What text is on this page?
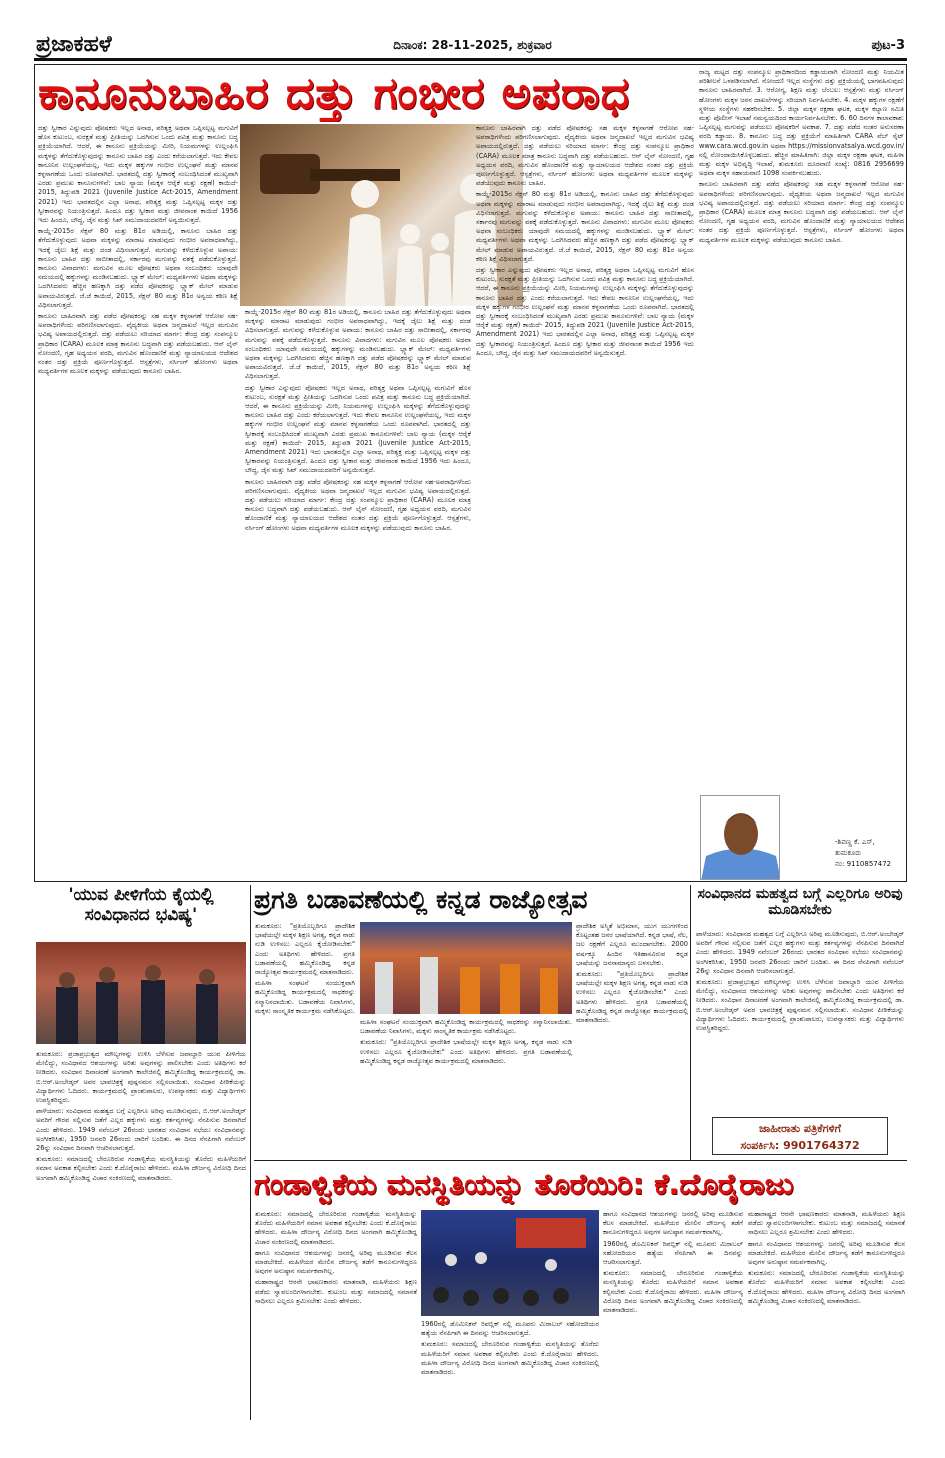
ಪ್ರಜಾಕಹಳೆ	ದಿನಾಂಕ: 28-11-2025, ಶುಕ್ರವಾರ	ಪುಟ-3
ಕಾನೂನುಬಾಹಿರ ದತ್ತು ಗಂಭೀರ ಅಪರಾಧ

ದತ್ತು ಸ್ವೀಕಾರ ಎನ್ನುವುದು ಪೋಷಕರು ಇಲ್ಲದ ಅನಾಥ, ಪರಿತ್ಯಕ್ತ ಅಥವಾ ಒಪ್ಪಿಸಲ್ಪಟ್ಟ ಮಗುವಿಗೆ ಹೊಸ ಕುಟುಂಬ, ಸುರಕ್ಷತೆ ಮತ್ತು ಪ್ರೀತಿಯನ್ನು ಒದಗಿಸುವ ಒಂದು ಪವಿತ್ರ ಮತ್ತು ಕಾನೂನು ಬದ್ಧ ಪ್ರಕ್ರಿಯೆಯಾಗಿದೆ. ಆದರೆ, ಈ ಕಾನೂನು ಪ್ರಕ್ರಿಯೆಯನ್ನು ಮೀರಿ, ನಿಯಮಗಳನ್ನು ಉಲ್ಲಂಘಿಸಿ ಮಕ್ಕಳನ್ನು ತೆಗೆದುಕೊಳ್ಳುವುದನ್ನು ಕಾನೂನು ಬಾಹಿರ ದತ್ತು ಎಂದು ಕರೆಯಲಾಗುತ್ತದೆ. ಇದು ಕೇವಲ ಕಾನೂನಿನ ಉಲ್ಲಂಘನೆಯಲ್ಲ, ಇದು ಮಕ್ಕಳ ಹಕ್ಕುಗಳ ಗಂಭೀರ ಉಲ್ಲಂಘನೆ ಮತ್ತು ಮಾನವ ಕಳ್ಳಸಾಗಣೆಯ ಒಂದು ರೂಪವಾಗಿದೆ. ಭಾರತದಲ್ಲಿ ದತ್ತು ಸ್ವೀಕಾರಕ್ಕೆ ಸಂಬಂಧಿಸಿದಂತೆ ಮುಖ್ಯವಾಗಿ ಎರಡು ಪ್ರಮುಖ ಕಾನೂನುಗಳಿವೆ: ಬಾಲ ನ್ಯಾಯ (ಮಕ್ಕಳ ಆರೈಕೆ ಮತ್ತು ರಕ್ಷಣೆ) ಕಾಯಿದೆ- 2015, ತಿದ್ದುಪಡಿ 2021 (Juvenile Justice Act-2015, Amendment 2021) ಇದು ಭಾರತದಲ್ಲಿನ ಎಲ್ಲಾ ಅನಾಥ, ಪರಿತ್ಯಕ್ತ ಮತ್ತು ಒಪ್ಪಿಸಲ್ಪಟ್ಟ ಮಕ್ಕಳ ದತ್ತು ಸ್ವೀಕಾರವನ್ನು ನಿಯಂತ್ರಿಸುತ್ತದೆ. ಹಿಂದೂ ದತ್ತು ಸ್ವೀಕಾರ ಮತ್ತು ಜೀವನಾಂಶ ಕಾಯಿದೆ 1956 ಇದು ಹಿಂದೂ, ಬೌದ್ಧ, ಜೈನ ಮತ್ತು ಸಿಖ್ ಸಮುದಾಯದವರಿಗೆ ಅನ್ವಯಿಸುತ್ತದೆ.

ಕಾಯ್ದೆ-2015ರ ಸೆಕ್ಷನ್ 80 ಮತ್ತು 81ರ ಅಡಿಯಲ್ಲಿ, ಕಾನೂನು ಬಾಹಿರ ದತ್ತು ತೆಗೆದುಕೊಳ್ಳುವುದು ಅಥವಾ ಮಕ್ಕಳನ್ನು ಮಾರಾಟ ಮಾಡುವುದು ಗಂಭೀರ ಅಪರಾಧವಾಗಿದ್ದು, ಇದಕ್ಕೆ ಜೈಲು ಶಿಕ್ಷೆ ಮತ್ತು ದಂಡ ವಿಧಿಸಲಾಗುತ್ತದೆ. ಮಗುವನ್ನು ಕಳೆದುಕೊಳ್ಳುವ ಅಪಾಯ: ಕಾನೂನು ಬಾಹಿರ ದತ್ತು ಸಾಬೀತಾದಲ್ಲಿ, ಸರ್ಕಾರವು ಮಗುವನ್ನು ವಶಕ್ಕೆ ಪಡೆದುಕೊಳ್ಳುತ್ತದೆ. ಕಾನೂನು ವಿವಾದಗಳು: ಮಗುವಿನ ಮೂಲ ಪೋಷಕರು ಅಥವಾ ಸಂಬಂಧಿಕರು ಯಾವುದೇ ಸಮಯದಲ್ಲಿ ಹಕ್ಕುಗಳನ್ನು ಮಂಡಿಸಬಹುದು. ಬ್ಲ್ಯಾಕ್ ಮೇಲ್: ಮಧ್ಯವರ್ತಿಗಳು ಅಥವಾ ಮಕ್ಕಳನ್ನು ಒದಗಿಸಿದವರು ಹೆಚ್ಚಿನ ಹಣಕ್ಕಾಗಿ ದತ್ತು ಪಡೆದ ಪೋಷಕರನ್ನು ಬ್ಲ್ಯಾಕ್ ಮೇಲ್ ಮಾಡುವ ಅಪಾಯವಿರುತ್ತದೆ. ಜೆ.ಜೆ ಕಾಯಿದೆ, 2015, ಸೆಕ್ಷನ್ 80 ಮತ್ತು 81ರ ಅನ್ವಯ ಕಠಿಣ ಶಿಕ್ಷೆ ವಿಧಿಸಲಾಗುತ್ತದೆ.

ಕಾನೂನು ಬಾಹಿರವಾಗಿ ದತ್ತು ಪಡೆದ ಪೋಷಕರನ್ನು ಸಹ ಮಕ್ಕಳ ಕಳ್ಳಸಾಗಣೆ ಆರೋಪ ಸಹ-ಅಪರಾಧಿಗಳೆಂದು ಪರಿಗಣಿಸಲಾಗುವುದು. ವೈದ್ಯಕೀಯ ಅಥವಾ ಜನ್ಮದಾಖಲೆ ಇಲ್ಲದ ಮಗುವಿನ ಭವಿಷ್ಯ ಅಪಾಯದಲ್ಲಿರುತ್ತದೆ. ದತ್ತು ಪಡೆಯಲು ಸರಿಯಾದ ಮಾರ್ಗ: ಕೇಂದ್ರ ದತ್ತು ಸಂಪನ್ಮೂಲ ಪ್ರಾಧಿಕಾರ (CARA) ಮೂಲಕ ಮಾತ್ರ ಕಾನೂನು ಬದ್ಧವಾಗಿ ದತ್ತು ಪಡೆಯಬಹುದು. ಆನ್ ಲೈನ್ ನೋಂದಣಿ, ಗೃಹ ಅಧ್ಯಯನ ವರದಿ, ಮಗುವಿನ ಹೊಂದಾಣಿಕೆ ಮತ್ತು ನ್ಯಾಯಾಲಯದ ಆದೇಶದ ನಂತರ ದತ್ತು ಪ್ರಕ್ರಿಯೆ ಪೂರ್ಣಗೊಳ್ಳುತ್ತದೆ. ಆಸ್ಪತ್ರೆಗಳು, ನರ್ಸಿಂಗ್ ಹೋಂಗಳು ಅಥವಾ ಮಧ್ಯವರ್ತಿಗಳ ಮೂಲಕ ಮಕ್ಕಳನ್ನು ಪಡೆಯುವುದು ಕಾನೂನು ಬಾಹಿರ.

ಕಾಯ್ದೆ-2015ರ ಸೆಕ್ಷನ್ 80 ಮತ್ತು 81ರ ಅಡಿಯಲ್ಲಿ, ಕಾನೂನು ಬಾಹಿರ ದತ್ತು ತೆಗೆದುಕೊಳ್ಳುವುದು ಅಥವಾ ಮಕ್ಕಳನ್ನು ಮಾರಾಟ ಮಾಡುವುದು ಗಂಭೀರ ಅಪರಾಧವಾಗಿದ್ದು, ಇದಕ್ಕೆ ಜೈಲು ಶಿಕ್ಷೆ ಮತ್ತು ದಂಡ ವಿಧಿಸಲಾಗುತ್ತದೆ. ಮಗುವನ್ನು ಕಳೆದುಕೊಳ್ಳುವ ಅಪಾಯ: ಕಾನೂನು ಬಾಹಿರ ದತ್ತು ಸಾಬೀತಾದಲ್ಲಿ, ಸರ್ಕಾರವು ಮಗುವನ್ನು ವಶಕ್ಕೆ ಪಡೆದುಕೊಳ್ಳುತ್ತದೆ. ಕಾನೂನು ವಿವಾದಗಳು: ಮಗುವಿನ ಮೂಲ ಪೋಷಕರು ಅಥವಾ ಸಂಬಂಧಿಕರು ಯಾವುದೇ ಸಮಯದಲ್ಲಿ ಹಕ್ಕುಗಳನ್ನು ಮಂಡಿಸಬಹುದು. ಬ್ಲ್ಯಾಕ್ ಮೇಲ್: ಮಧ್ಯವರ್ತಿಗಳು ಅಥವಾ ಮಕ್ಕಳನ್ನು ಒದಗಿಸಿದವರು ಹೆಚ್ಚಿನ ಹಣಕ್ಕಾಗಿ ದತ್ತು ಪಡೆದ ಪೋಷಕರನ್ನು ಬ್ಲ್ಯಾಕ್ ಮೇಲ್ ಮಾಡುವ ಅಪಾಯವಿರುತ್ತದೆ. ಜೆ.ಜೆ ಕಾಯಿದೆ, 2015, ಸೆಕ್ಷನ್ 80 ಮತ್ತು 81ರ ಅನ್ವಯ ಕಠಿಣ ಶಿಕ್ಷೆ ವಿಧಿಸಲಾಗುತ್ತದೆ.

ದತ್ತು ಸ್ವೀಕಾರ ಎನ್ನುವುದು ಪೋಷಕರು ಇಲ್ಲದ ಅನಾಥ, ಪರಿತ್ಯಕ್ತ ಅಥವಾ ಒಪ್ಪಿಸಲ್ಪಟ್ಟ ಮಗುವಿಗೆ ಹೊಸ ಕುಟುಂಬ, ಸುರಕ್ಷತೆ ಮತ್ತು ಪ್ರೀತಿಯನ್ನು ಒದಗಿಸುವ ಒಂದು ಪವಿತ್ರ ಮತ್ತು ಕಾನೂನು ಬದ್ಧ ಪ್ರಕ್ರಿಯೆಯಾಗಿದೆ. ಆದರೆ, ಈ ಕಾನೂನು ಪ್ರಕ್ರಿಯೆಯನ್ನು ಮೀರಿ, ನಿಯಮಗಳನ್ನು ಉಲ್ಲಂಘಿಸಿ ಮಕ್ಕಳನ್ನು ತೆಗೆದುಕೊಳ್ಳುವುದನ್ನು ಕಾನೂನು ಬಾಹಿರ ದತ್ತು ಎಂದು ಕರೆಯಲಾಗುತ್ತದೆ. ಇದು ಕೇವಲ ಕಾನೂನಿನ ಉಲ್ಲಂಘನೆಯಲ್ಲ, ಇದು ಮಕ್ಕಳ ಹಕ್ಕುಗಳ ಗಂಭೀರ ಉಲ್ಲಂಘನೆ ಮತ್ತು ಮಾನವ ಕಳ್ಳಸಾಗಣೆಯ ಒಂದು ರೂಪವಾಗಿದೆ. ಭಾರತದಲ್ಲಿ ದತ್ತು ಸ್ವೀಕಾರಕ್ಕೆ ಸಂಬಂಧಿಸಿದಂತೆ ಮುಖ್ಯವಾಗಿ ಎರಡು ಪ್ರಮುಖ ಕಾನೂನುಗಳಿವೆ: ಬಾಲ ನ್ಯಾಯ (ಮಕ್ಕಳ ಆರೈಕೆ ಮತ್ತು ರಕ್ಷಣೆ) ಕಾಯಿದೆ- 2015, ತಿದ್ದುಪಡಿ 2021 (Juvenile Justice Act-2015, Amendment 2021) ಇದು ಭಾರತದಲ್ಲಿನ ಎಲ್ಲಾ ಅನಾಥ, ಪರಿತ್ಯಕ್ತ ಮತ್ತು ಒಪ್ಪಿಸಲ್ಪಟ್ಟ ಮಕ್ಕಳ ದತ್ತು ಸ್ವೀಕಾರವನ್ನು ನಿಯಂತ್ರಿಸುತ್ತದೆ. ಹಿಂದೂ ದತ್ತು ಸ್ವೀಕಾರ ಮತ್ತು ಜೀವನಾಂಶ ಕಾಯಿದೆ 1956 ಇದು ಹಿಂದೂ, ಬೌದ್ಧ, ಜೈನ ಮತ್ತು ಸಿಖ್ ಸಮುದಾಯದವರಿಗೆ ಅನ್ವಯಿಸುತ್ತದೆ.

ಕಾನೂನು ಬಾಹಿರವಾಗಿ ದತ್ತು ಪಡೆದ ಪೋಷಕರನ್ನು ಸಹ ಮಕ್ಕಳ ಕಳ್ಳಸಾಗಣೆ ಆರೋಪ ಸಹ-ಅಪರಾಧಿಗಳೆಂದು ಪರಿಗಣಿಸಲಾಗುವುದು. ವೈದ್ಯಕೀಯ ಅಥವಾ ಜನ್ಮದಾಖಲೆ ಇಲ್ಲದ ಮಗುವಿನ ಭವಿಷ್ಯ ಅಪಾಯದಲ್ಲಿರುತ್ತದೆ. ದತ್ತು ಪಡೆಯಲು ಸರಿಯಾದ ಮಾರ್ಗ: ಕೇಂದ್ರ ದತ್ತು ಸಂಪನ್ಮೂಲ ಪ್ರಾಧಿಕಾರ (CARA) ಮೂಲಕ ಮಾತ್ರ ಕಾನೂನು ಬದ್ಧವಾಗಿ ದತ್ತು ಪಡೆಯಬಹುದು. ಆನ್ ಲೈನ್ ನೋಂದಣಿ, ಗೃಹ ಅಧ್ಯಯನ ವರದಿ, ಮಗುವಿನ ಹೊಂದಾಣಿಕೆ ಮತ್ತು ನ್ಯಾಯಾಲಯದ ಆದೇಶದ ನಂತರ ದತ್ತು ಪ್ರಕ್ರಿಯೆ ಪೂರ್ಣಗೊಳ್ಳುತ್ತದೆ. ಆಸ್ಪತ್ರೆಗಳು, ನರ್ಸಿಂಗ್ ಹೋಂಗಳು ಅಥವಾ ಮಧ್ಯವರ್ತಿಗಳ ಮೂಲಕ ಮಕ್ಕಳನ್ನು ಪಡೆಯುವುದು ಕಾನೂನು ಬಾಹಿರ.

ಕಾನೂನು ಬಾಹಿರವಾಗಿ ದತ್ತು ಪಡೆದ ಪೋಷಕರನ್ನು ಸಹ ಮಕ್ಕಳ ಕಳ್ಳಸಾಗಣೆ ಆರೋಪ ಸಹ-ಅಪರಾಧಿಗಳೆಂದು ಪರಿಗಣಿಸಲಾಗುವುದು. ವೈದ್ಯಕೀಯ ಅಥವಾ ಜನ್ಮದಾಖಲೆ ಇಲ್ಲದ ಮಗುವಿನ ಭವಿಷ್ಯ ಅಪಾಯದಲ್ಲಿರುತ್ತದೆ. ದತ್ತು ಪಡೆಯಲು ಸರಿಯಾದ ಮಾರ್ಗ: ಕೇಂದ್ರ ದತ್ತು ಸಂಪನ್ಮೂಲ ಪ್ರಾಧಿಕಾರ (CARA) ಮೂಲಕ ಮಾತ್ರ ಕಾನೂನು ಬದ್ಧವಾಗಿ ದತ್ತು ಪಡೆಯಬಹುದು. ಆನ್ ಲೈನ್ ನೋಂದಣಿ, ಗೃಹ ಅಧ್ಯಯನ ವರದಿ, ಮಗುವಿನ ಹೊಂದಾಣಿಕೆ ಮತ್ತು ನ್ಯಾಯಾಲಯದ ಆದೇಶದ ನಂತರ ದತ್ತು ಪ್ರಕ್ರಿಯೆ ಪೂರ್ಣಗೊಳ್ಳುತ್ತದೆ. ಆಸ್ಪತ್ರೆಗಳು, ನರ್ಸಿಂಗ್ ಹೋಂಗಳು ಅಥವಾ ಮಧ್ಯವರ್ತಿಗಳ ಮೂಲಕ ಮಕ್ಕಳನ್ನು ಪಡೆಯುವುದು ಕಾನೂನು ಬಾಹಿರ.

ಕಾಯ್ದೆ-2015ರ ಸೆಕ್ಷನ್ 80 ಮತ್ತು 81ರ ಅಡಿಯಲ್ಲಿ, ಕಾನೂನು ಬಾಹಿರ ದತ್ತು ತೆಗೆದುಕೊಳ್ಳುವುದು ಅಥವಾ ಮಕ್ಕಳನ್ನು ಮಾರಾಟ ಮಾಡುವುದು ಗಂಭೀರ ಅಪರಾಧವಾಗಿದ್ದು, ಇದಕ್ಕೆ ಜೈಲು ಶಿಕ್ಷೆ ಮತ್ತು ದಂಡ ವಿಧಿಸಲಾಗುತ್ತದೆ. ಮಗುವನ್ನು ಕಳೆದುಕೊಳ್ಳುವ ಅಪಾಯ: ಕಾನೂನು ಬಾಹಿರ ದತ್ತು ಸಾಬೀತಾದಲ್ಲಿ, ಸರ್ಕಾರವು ಮಗುವನ್ನು ವಶಕ್ಕೆ ಪಡೆದುಕೊಳ್ಳುತ್ತದೆ. ಕಾನೂನು ವಿವಾದಗಳು: ಮಗುವಿನ ಮೂಲ ಪೋಷಕರು ಅಥವಾ ಸಂಬಂಧಿಕರು ಯಾವುದೇ ಸಮಯದಲ್ಲಿ ಹಕ್ಕುಗಳನ್ನು ಮಂಡಿಸಬಹುದು. ಬ್ಲ್ಯಾಕ್ ಮೇಲ್: ಮಧ್ಯವರ್ತಿಗಳು ಅಥವಾ ಮಕ್ಕಳನ್ನು ಒದಗಿಸಿದವರು ಹೆಚ್ಚಿನ ಹಣಕ್ಕಾಗಿ ದತ್ತು ಪಡೆದ ಪೋಷಕರನ್ನು ಬ್ಲ್ಯಾಕ್ ಮೇಲ್ ಮಾಡುವ ಅಪಾಯವಿರುತ್ತದೆ. ಜೆ.ಜೆ ಕಾಯಿದೆ, 2015, ಸೆಕ್ಷನ್ 80 ಮತ್ತು 81ರ ಅನ್ವಯ ಕಠಿಣ ಶಿಕ್ಷೆ ವಿಧಿಸಲಾಗುತ್ತದೆ.

ದತ್ತು ಸ್ವೀಕಾರ ಎನ್ನುವುದು ಪೋಷಕರು ಇಲ್ಲದ ಅನಾಥ, ಪರಿತ್ಯಕ್ತ ಅಥವಾ ಒಪ್ಪಿಸಲ್ಪಟ್ಟ ಮಗುವಿಗೆ ಹೊಸ ಕುಟುಂಬ, ಸುರಕ್ಷತೆ ಮತ್ತು ಪ್ರೀತಿಯನ್ನು ಒದಗಿಸುವ ಒಂದು ಪವಿತ್ರ ಮತ್ತು ಕಾನೂನು ಬದ್ಧ ಪ್ರಕ್ರಿಯೆಯಾಗಿದೆ. ಆದರೆ, ಈ ಕಾನೂನು ಪ್ರಕ್ರಿಯೆಯನ್ನು ಮೀರಿ, ನಿಯಮಗಳನ್ನು ಉಲ್ಲಂಘಿಸಿ ಮಕ್ಕಳನ್ನು ತೆಗೆದುಕೊಳ್ಳುವುದನ್ನು ಕಾನೂನು ಬಾಹಿರ ದತ್ತು ಎಂದು ಕರೆಯಲಾಗುತ್ತದೆ. ಇದು ಕೇವಲ ಕಾನೂನಿನ ಉಲ್ಲಂಘನೆಯಲ್ಲ, ಇದು ಮಕ್ಕಳ ಹಕ್ಕುಗಳ ಗಂಭೀರ ಉಲ್ಲಂಘನೆ ಮತ್ತು ಮಾನವ ಕಳ್ಳಸಾಗಣೆಯ ಒಂದು ರೂಪವಾಗಿದೆ. ಭಾರತದಲ್ಲಿ ದತ್ತು ಸ್ವೀಕಾರಕ್ಕೆ ಸಂಬಂಧಿಸಿದಂತೆ ಮುಖ್ಯವಾಗಿ ಎರಡು ಪ್ರಮುಖ ಕಾನೂನುಗಳಿವೆ: ಬಾಲ ನ್ಯಾಯ (ಮಕ್ಕಳ ಆರೈಕೆ ಮತ್ತು ರಕ್ಷಣೆ) ಕಾಯಿದೆ- 2015, ತಿದ್ದುಪಡಿ 2021 (Juvenile Justice Act-2015, Amendment 2021) ಇದು ಭಾರತದಲ್ಲಿನ ಎಲ್ಲಾ ಅನಾಥ, ಪರಿತ್ಯಕ್ತ ಮತ್ತು ಒಪ್ಪಿಸಲ್ಪಟ್ಟ ಮಕ್ಕಳ ದತ್ತು ಸ್ವೀಕಾರವನ್ನು ನಿಯಂತ್ರಿಸುತ್ತದೆ. ಹಿಂದೂ ದತ್ತು ಸ್ವೀಕಾರ ಮತ್ತು ಜೀವನಾಂಶ ಕಾಯಿದೆ 1956 ಇದು ಹಿಂದೂ, ಬೌದ್ಧ, ಜೈನ ಮತ್ತು ಸಿಖ್ ಸಮುದಾಯದವರಿಗೆ ಅನ್ವಯಿಸುತ್ತದೆ.

ರಾಜ್ಯ ಮಟ್ಟದ ದತ್ತು ಸಂಪನ್ಮೂಲ ಪ್ರಾಧಿಕಾರದಿಂದ ಕಡ್ಡಾಯವಾಗಿ ನೋಂದಣಿ ಮತ್ತು ನಿಯಮಿತ ಪರಿಶೀಲನೆ ಒಳಪಡಿಸಲಾಗಿದೆ. ನೋಂದಣಿ ಇಲ್ಲದ ಸಂಸ್ಥೆಗಳು ದತ್ತು ಪ್ರಕ್ರಿಯೆಯಲ್ಲಿ ಭಾಗವಹಿಸುವುದು ಕಾನೂನು ಬಾಹಿರವಾಗಿದೆ. 3. ಆರೋಗ್ಯ, ಶಿಕ್ಷಣ ಮತ್ತು ಬೆಂಬಲ: ಆಸ್ಪತ್ರೆಗಳು ಮತ್ತು ನರ್ಸಿಂಗ್ ಹೋಂಗಳು ಮಕ್ಕಳ ಜನನ ದಾಖಲೆಗಳನ್ನು ಸರಿಯಾಗಿ ನಿರ್ವಹಿಸಬೇಕು. 4. ಮಕ್ಕಳ ಹಕ್ಕುಗಳ ರಕ್ಷಣೆಗೆ ಸ್ಥಳೀಯ ಸಂಸ್ಥೆಗಳು ಸಹಕರಿಸಬೇಕು. 5. ಜಿಲ್ಲಾ ಮಕ್ಕಳ ರಕ್ಷಣಾ ಘಟಕ, ಮಕ್ಕಳ ಕಲ್ಯಾಣ ಸಮಿತಿ ಮತ್ತು ಪೊಲೀಸ್ ಇಲಾಖೆ ಸಮನ್ವಯದಿಂದ ಕಾರ್ಯನಿರ್ವಹಿಸಬೇಕು. 6. 60 ದಿನಗಳ ಕಾಲಾವಕಾಶ: ಒಪ್ಪಿಸಲ್ಪಟ್ಟ ಮಗುವನ್ನು ಪಡೆಯಲು ಪೋಷಕರಿಗೆ ಅವಕಾಶ. 7. ದತ್ತು ಪಡೆದ ನಂತರ ಅನುಸರಣಾ ವರದಿ ಕಡ್ಡಾಯ. 8. ಕಾನೂನು ಬದ್ಧ ದತ್ತು ಪ್ರಕ್ರಿಯೆಗೆ ಮಾಹಿತಿಗಾಗಿ CARA ವೆಬ್ ಸೈಟ್ www.cara.wcd.gov.in ಅಥವಾ https://missionvatsalya.wcd.gov.in/ನಲ್ಲಿ ನೋಂದಾಯಿಸಿಕೊಳ್ಳಬಹುದು. ಹೆಚ್ಚಿನ ಮಾಹಿತಿಗಾಗಿ: ಜಿಲ್ಲಾ ಮಕ್ಕಳ ರಕ್ಷಣಾ ಘಟಕ, ಮಹಿಳಾ ಮತ್ತು ಮಕ್ಕಳ ಅಭಿವೃದ್ಧಿ ಇಲಾಖೆ, ತುಮಕೂರು ದೂರವಾಣಿ ಸಂಖ್ಯೆ: 0816 2956699 ಅಥವಾ ಮಕ್ಕಳ ಸಹಾಯವಾಣಿ 1098 ಸಂಪರ್ಕಿಸಬಹುದು.

ಕಾನೂನು ಬಾಹಿರವಾಗಿ ದತ್ತು ಪಡೆದ ಪೋಷಕರನ್ನು ಸಹ ಮಕ್ಕಳ ಕಳ್ಳಸಾಗಣೆ ಆರೋಪ ಸಹ-ಅಪರಾಧಿಗಳೆಂದು ಪರಿಗಣಿಸಲಾಗುವುದು. ವೈದ್ಯಕೀಯ ಅಥವಾ ಜನ್ಮದಾಖಲೆ ಇಲ್ಲದ ಮಗುವಿನ ಭವಿಷ್ಯ ಅಪಾಯದಲ್ಲಿರುತ್ತದೆ. ದತ್ತು ಪಡೆಯಲು ಸರಿಯಾದ ಮಾರ್ಗ: ಕೇಂದ್ರ ದತ್ತು ಸಂಪನ್ಮೂಲ ಪ್ರಾಧಿಕಾರ (CARA) ಮೂಲಕ ಮಾತ್ರ ಕಾನೂನು ಬದ್ಧವಾಗಿ ದತ್ತು ಪಡೆಯಬಹುದು. ಆನ್ ಲೈನ್ ನೋಂದಣಿ, ಗೃಹ ಅಧ್ಯಯನ ವರದಿ, ಮಗುವಿನ ಹೊಂದಾಣಿಕೆ ಮತ್ತು ನ್ಯಾಯಾಲಯದ ಆದೇಶದ ನಂತರ ದತ್ತು ಪ್ರಕ್ರಿಯೆ ಪೂರ್ಣಗೊಳ್ಳುತ್ತದೆ. ಆಸ್ಪತ್ರೆಗಳು, ನರ್ಸಿಂಗ್ ಹೋಂಗಳು ಅಥವಾ ಮಧ್ಯವರ್ತಿಗಳ ಮೂಲಕ ಮಕ್ಕಳನ್ನು ಪಡೆಯುವುದು ಕಾನೂನು ಬಾಹಿರ.

-ಶಿವಣ್ಣ ಕೆ. ಎಸ್,
ತುಮಕೂರು
ನಂ: 9110857472
'ಯುವ ಪೀಳಿಗೆಯ ಕೈಯಲ್ಲಿ ಸಂವಿಧಾನದ ಭವಿಷ್ಯ'

ತುಮಕೂರು: ಪ್ರಜಾಪ್ರಭುತ್ವದ ಮೌಲ್ಯಗಳನ್ನು ಉಳಿಸಿ ಬೆಳೆಸುವ ಜವಾಬ್ದಾರಿ ಯುವ ಪೀಳಿಗೆಯ ಮೇಲಿದ್ದು, ಸಂವಿಧಾನದ ಆಶಯಗಳನ್ನು ಅರಿತು ಅವುಗಳನ್ನು ಪಾಲಿಸಬೇಕು ಎಂದು ಅತಿಥಿಗಳು ಕರೆ ನೀಡಿದರು. ಸಂವಿಧಾನ ದಿನಾಚರಣೆ ಅಂಗವಾಗಿ ಕಾಲೇಜಿನಲ್ಲಿ ಹಮ್ಮಿಕೊಂಡಿದ್ದ ಕಾರ್ಯಕ್ರಮದಲ್ಲಿ ಡಾ. ಬಿ.ಆರ್.ಅಂಬೇಡ್ಕರ್ ಅವರ ಭಾವಚಿತ್ರಕ್ಕೆ ಪುಷ್ಪನಮನ ಸಲ್ಲಿಸಲಾಯಿತು. ಸಂವಿಧಾನ ಪೀಠಿಕೆಯನ್ನು ವಿದ್ಯಾರ್ಥಿಗಳು ಓದಿದರು. ಕಾರ್ಯಕ್ರಮದಲ್ಲಿ ಪ್ರಾಂಶುಪಾಲರು, ಉಪನ್ಯಾಸಕರು ಮತ್ತು ವಿದ್ಯಾರ್ಥಿಗಳು ಉಪಸ್ಥಿತರಿದ್ದರು.

ಪಾಳೆಯಾರು: ಸಂವಿಧಾನದ ಮಹತ್ವದ ಬಗ್ಗೆ ಎಲ್ಲರಿಗೂ ಅರಿವು ಮೂಡಿಸುವುದು, ಬಿ.ಆರ್.ಅಂಬೇಡ್ಕರ್ ಅವರಿಗೆ ಗೌರವ ಸಲ್ಲಿಸುವ ಜತೆಗೆ ಎಲ್ಲರ ಹಕ್ಕುಗಳು ಮತ್ತು ಕರ್ತವ್ಯಗಳನ್ನು ನೆನಪಿಸುವ ದಿನವಾಗಿದೆ ಎಂದು ಹೇಳಿದರು. 1949 ನವೆಂಬರ್ 26ರಂದು ಭಾರತದ ಸಂವಿಧಾನ ಸಭೆಯು ಸಂವಿಧಾನವನ್ನು ಅಂಗೀಕರಿಸಿತು, 1950 ಜನವರಿ 26ರಂದು ಜಾರಿಗೆ ಬಂದಿತು. ಈ ದಿನದ ನೆನಪಿಗಾಗಿ ನವೆಂಬರ್ 26ನ್ನು ಸಂವಿಧಾನ ದಿನವಾಗಿ ಆಚರಿಸಲಾಗುತ್ತದೆ.

ತುಮಕೂರು: ಸಮಾಜದಲ್ಲಿ ಬೇರೂರಿರುವ ಗಂಡಾಳ್ವಿಕೆಯ ಮನಸ್ಥಿತಿಯನ್ನು ತೊರೆದು ಮಹಿಳೆಯರಿಗೆ ಸಮಾನ ಅವಕಾಶ ಕಲ್ಪಿಸಬೇಕು ಎಂದು ಕೆ.ದೊರೈರಾಜು ಹೇಳಿದರು. ಮಹಿಳಾ ದೌರ್ಜನ್ಯ ವಿರೋಧಿ ದಿನದ ಅಂಗವಾಗಿ ಹಮ್ಮಿಕೊಂಡಿದ್ದ ವಿಚಾರ ಸಂಕಿರಣದಲ್ಲಿ ಮಾತನಾಡಿದರು.

ಪ್ರಗತಿ ಬಡಾವಣೆಯಲ್ಲಿ ಕನ್ನಡ ರಾಜ್ಯೋತ್ಸವ

ತುಮಕೂರು: "ಪ್ರತಿಯೊಬ್ಬರಿಗೂ ಪ್ರಾದೇಶಿಕ ಭಾಷೆಯಲ್ಲೇ ಮಕ್ಕಳ ಶಿಕ್ಷಣ ಅಗತ್ಯ, ಕನ್ನಡ ನಾಡು ನುಡಿ ಉಳಿಸಲು ಎಲ್ಲರೂ ಕೈಜೋಡಿಸಬೇಕು" ಎಂದು ಅತಿಥಿಗಳು ಹೇಳಿದರು. ಪ್ರಗತಿ ಬಡಾವಣೆಯಲ್ಲಿ ಹಮ್ಮಿಕೊಂಡಿದ್ದ ಕನ್ನಡ ರಾಜ್ಯೋತ್ಸವ ಕಾರ್ಯಕ್ರಮದಲ್ಲಿ ಮಾತನಾಡಿದರು.

ಮಹಿಳಾ ಸಂಘಟನೆ ಸಂಯುಕ್ತವಾಗಿ ಹಮ್ಮಿಕೊಂಡಿದ್ದ ಕಾರ್ಯಕ್ರಮದಲ್ಲಿ ಸಾಧಕರನ್ನು ಸನ್ಮಾನಿಸಲಾಯಿತು. ಬಡಾವಣೆಯ ನಿವಾಸಿಗಳು, ಮಕ್ಕಳು ಸಾಂಸ್ಕೃತಿಕ ಕಾರ್ಯಕ್ರಮ ನಡೆಸಿಕೊಟ್ಟರು.

ಮಹಿಳಾ ಸಂಘಟನೆ ಸಂಯುಕ್ತವಾಗಿ ಹಮ್ಮಿಕೊಂಡಿದ್ದ ಕಾರ್ಯಕ್ರಮದಲ್ಲಿ ಸಾಧಕರನ್ನು ಸನ್ಮಾನಿಸಲಾಯಿತು. ಬಡಾವಣೆಯ ನಿವಾಸಿಗಳು, ಮಕ್ಕಳು ಸಾಂಸ್ಕೃತಿಕ ಕಾರ್ಯಕ್ರಮ ನಡೆಸಿಕೊಟ್ಟರು.

ತುಮಕೂರು: "ಪ್ರತಿಯೊಬ್ಬರಿಗೂ ಪ್ರಾದೇಶಿಕ ಭಾಷೆಯಲ್ಲೇ ಮಕ್ಕಳ ಶಿಕ್ಷಣ ಅಗತ್ಯ, ಕನ್ನಡ ನಾಡು ನುಡಿ ಉಳಿಸಲು ಎಲ್ಲರೂ ಕೈಜೋಡಿಸಬೇಕು" ಎಂದು ಅತಿಥಿಗಳು ಹೇಳಿದರು. ಪ್ರಗತಿ ಬಡಾವಣೆಯಲ್ಲಿ ಹಮ್ಮಿಕೊಂಡಿದ್ದ ಕನ್ನಡ ರಾಜ್ಯೋತ್ಸವ ಕಾರ್ಯಕ್ರಮದಲ್ಲಿ ಮಾತನಾಡಿದರು.

ಪ್ರಾದೇಶಿಕ ಅಸ್ಮಿತೆ ಅಭಿಮಾನ, ಯುಗ ಯುಗಗಳಿಂದ ಕೊಟ್ಟಂತಹ ಜನರ ಭಾಷೆಯಾಗಿದೆ. ಕನ್ನಡ ಭಾಷೆ, ನೆಲ, ಜಲ ರಕ್ಷಣೆಗೆ ಎಲ್ಲರೂ ಮುಂದಾಗಬೇಕು. 2000 ವರ್ಷಕ್ಕೂ ಹಿಂದಿನ ಇತಿಹಾಸವಿರುವ ಕನ್ನಡ ಭಾಷೆಯನ್ನು ಜನಸಾಮಾನ್ಯರು ಬಳಸಬೇಕು.

ತುಮಕೂರು: "ಪ್ರತಿಯೊಬ್ಬರಿಗೂ ಪ್ರಾದೇಶಿಕ ಭಾಷೆಯಲ್ಲೇ ಮಕ್ಕಳ ಶಿಕ್ಷಣ ಅಗತ್ಯ, ಕನ್ನಡ ನಾಡು ನುಡಿ ಉಳಿಸಲು ಎಲ್ಲರೂ ಕೈಜೋಡಿಸಬೇಕು" ಎಂದು ಅತಿಥಿಗಳು ಹೇಳಿದರು. ಪ್ರಗತಿ ಬಡಾವಣೆಯಲ್ಲಿ ಹಮ್ಮಿಕೊಂಡಿದ್ದ ಕನ್ನಡ ರಾಜ್ಯೋತ್ಸವ ಕಾರ್ಯಕ್ರಮದಲ್ಲಿ ಮಾತನಾಡಿದರು.

ಸಂವಿಧಾನದ ಮಹತ್ವದ ಬಗ್ಗೆ ಎಲ್ಲರಿಗೂ ಅರಿವು ಮೂಡಿಸಬೇಕು

ಪಾಳೆಯಾರು: ಸಂವಿಧಾನದ ಮಹತ್ವದ ಬಗ್ಗೆ ಎಲ್ಲರಿಗೂ ಅರಿವು ಮೂಡಿಸುವುದು, ಬಿ.ಆರ್.ಅಂಬೇಡ್ಕರ್ ಅವರಿಗೆ ಗೌರವ ಸಲ್ಲಿಸುವ ಜತೆಗೆ ಎಲ್ಲರ ಹಕ್ಕುಗಳು ಮತ್ತು ಕರ್ತವ್ಯಗಳನ್ನು ನೆನಪಿಸುವ ದಿನವಾಗಿದೆ ಎಂದು ಹೇಳಿದರು. 1949 ನವೆಂಬರ್ 26ರಂದು ಭಾರತದ ಸಂವಿಧಾನ ಸಭೆಯು ಸಂವಿಧಾನವನ್ನು ಅಂಗೀಕರಿಸಿತು, 1950 ಜನವರಿ 26ರಂದು ಜಾರಿಗೆ ಬಂದಿತು. ಈ ದಿನದ ನೆನಪಿಗಾಗಿ ನವೆಂಬರ್ 26ನ್ನು ಸಂವಿಧಾನ ದಿನವಾಗಿ ಆಚರಿಸಲಾಗುತ್ತದೆ.

ತುಮಕೂರು: ಪ್ರಜಾಪ್ರಭುತ್ವದ ಮೌಲ್ಯಗಳನ್ನು ಉಳಿಸಿ ಬೆಳೆಸುವ ಜವಾಬ್ದಾರಿ ಯುವ ಪೀಳಿಗೆಯ ಮೇಲಿದ್ದು, ಸಂವಿಧಾನದ ಆಶಯಗಳನ್ನು ಅರಿತು ಅವುಗಳನ್ನು ಪಾಲಿಸಬೇಕು ಎಂದು ಅತಿಥಿಗಳು ಕರೆ ನೀಡಿದರು. ಸಂವಿಧಾನ ದಿನಾಚರಣೆ ಅಂಗವಾಗಿ ಕಾಲೇಜಿನಲ್ಲಿ ಹಮ್ಮಿಕೊಂಡಿದ್ದ ಕಾರ್ಯಕ್ರಮದಲ್ಲಿ ಡಾ. ಬಿ.ಆರ್.ಅಂಬೇಡ್ಕರ್ ಅವರ ಭಾವಚಿತ್ರಕ್ಕೆ ಪುಷ್ಪನಮನ ಸಲ್ಲಿಸಲಾಯಿತು. ಸಂವಿಧಾನ ಪೀಠಿಕೆಯನ್ನು ವಿದ್ಯಾರ್ಥಿಗಳು ಓದಿದರು. ಕಾರ್ಯಕ್ರಮದಲ್ಲಿ ಪ್ರಾಂಶುಪಾಲರು, ಉಪನ್ಯಾಸಕರು ಮತ್ತು ವಿದ್ಯಾರ್ಥಿಗಳು ಉಪಸ್ಥಿತರಿದ್ದರು.

ಜಾಹೀರಾತು ಪತ್ರಿಕೆಗಳಿಗೆ
ಸಂಪರ್ಕಿಸಿ: 9901764372
ಗಂಡಾಳ್ವಿಕೆಯ ಮನಸ್ಥಿತಿಯನ್ನು ತೊರೆಯಿರಿ: ಕೆ.ದೊರೈರಾಜು

ತುಮಕೂರು: ಸಮಾಜದಲ್ಲಿ ಬೇರೂರಿರುವ ಗಂಡಾಳ್ವಿಕೆಯ ಮನಸ್ಥಿತಿಯನ್ನು ತೊರೆದು ಮಹಿಳೆಯರಿಗೆ ಸಮಾನ ಅವಕಾಶ ಕಲ್ಪಿಸಬೇಕು ಎಂದು ಕೆ.ದೊರೈರಾಜು ಹೇಳಿದರು. ಮಹಿಳಾ ದೌರ್ಜನ್ಯ ವಿರೋಧಿ ದಿನದ ಅಂಗವಾಗಿ ಹಮ್ಮಿಕೊಂಡಿದ್ದ ವಿಚಾರ ಸಂಕಿರಣದಲ್ಲಿ ಮಾತನಾಡಿದರು.

ಹಾಗೂ ಸಂವಿಧಾನದ ಆಶಯಗಳನ್ನು ಜನರಲ್ಲಿ ಅರಿವು ಮೂಡಿಸುವ ಕೆಲಸ ಮಾಡಬೇಕಿದೆ. ಮಹಿಳೆಯರ ಮೇಲಿನ ದೌರ್ಜನ್ಯ ತಡೆಗೆ ಕಾನೂನುಗಳಿದ್ದರೂ ಅವುಗಳ ಅನುಷ್ಠಾನ ಸಮರ್ಪಕವಾಗಿಲ್ಲ.

ಮಹಾರಾಷ್ಟ್ರದ ಆರನೇ ಭಾಷಣಕಾರರು ಮಾತನಾಡಿ, ಮಹಿಳೆಯರು ಶಿಕ್ಷಣ ಪಡೆದು ಸ್ವಾವಲಂಬಿಗಳಾಗಬೇಕು. ಕುಟುಂಬ ಮತ್ತು ಸಮಾಜದಲ್ಲಿ ಸಮಾನತೆ ಸಾಧಿಸಲು ಎಲ್ಲರೂ ಶ್ರಮಿಸಬೇಕು ಎಂದು ಹೇಳಿದರು.

1960ರಲ್ಲಿ ಡೊಮಿನಿಕನ್ ರಿಪಬ್ಲಿಕ್ ನಲ್ಲಿ ಮೂವರು ಮಿರಾಬಲ್ ಸಹೋದರಿಯರ ಹತ್ಯೆಯ ನೆನಪಿಗಾಗಿ ಈ ದಿನವನ್ನು ಆಚರಿಸಲಾಗುತ್ತದೆ.

ತುಮಕೂರು: ಸಮಾಜದಲ್ಲಿ ಬೇರೂರಿರುವ ಗಂಡಾಳ್ವಿಕೆಯ ಮನಸ್ಥಿತಿಯನ್ನು ತೊರೆದು ಮಹಿಳೆಯರಿಗೆ ಸಮಾನ ಅವಕಾಶ ಕಲ್ಪಿಸಬೇಕು ಎಂದು ಕೆ.ದೊರೈರಾಜು ಹೇಳಿದರು. ಮಹಿಳಾ ದೌರ್ಜನ್ಯ ವಿರೋಧಿ ದಿನದ ಅಂಗವಾಗಿ ಹಮ್ಮಿಕೊಂಡಿದ್ದ ವಿಚಾರ ಸಂಕಿರಣದಲ್ಲಿ ಮಾತನಾಡಿದರು.

ಹಾಗೂ ಸಂವಿಧಾನದ ಆಶಯಗಳನ್ನು ಜನರಲ್ಲಿ ಅರಿವು ಮೂಡಿಸುವ ಕೆಲಸ ಮಾಡಬೇಕಿದೆ. ಮಹಿಳೆಯರ ಮೇಲಿನ ದೌರ್ಜನ್ಯ ತಡೆಗೆ ಕಾನೂನುಗಳಿದ್ದರೂ ಅವುಗಳ ಅನುಷ್ಠಾನ ಸಮರ್ಪಕವಾಗಿಲ್ಲ.

1960ರಲ್ಲಿ ಡೊಮಿನಿಕನ್ ರಿಪಬ್ಲಿಕ್ ನಲ್ಲಿ ಮೂವರು ಮಿರಾಬಲ್ ಸಹೋದರಿಯರ ಹತ್ಯೆಯ ನೆನಪಿಗಾಗಿ ಈ ದಿನವನ್ನು ಆಚರಿಸಲಾಗುತ್ತದೆ.

ತುಮಕೂರು: ಸಮಾಜದಲ್ಲಿ ಬೇರೂರಿರುವ ಗಂಡಾಳ್ವಿಕೆಯ ಮನಸ್ಥಿತಿಯನ್ನು ತೊರೆದು ಮಹಿಳೆಯರಿಗೆ ಸಮಾನ ಅವಕಾಶ ಕಲ್ಪಿಸಬೇಕು ಎಂದು ಕೆ.ದೊರೈರಾಜು ಹೇಳಿದರು. ಮಹಿಳಾ ದೌರ್ಜನ್ಯ ವಿರೋಧಿ ದಿನದ ಅಂಗವಾಗಿ ಹಮ್ಮಿಕೊಂಡಿದ್ದ ವಿಚಾರ ಸಂಕಿರಣದಲ್ಲಿ ಮಾತನಾಡಿದರು.

ಮಹಾರಾಷ್ಟ್ರದ ಆರನೇ ಭಾಷಣಕಾರರು ಮಾತನಾಡಿ, ಮಹಿಳೆಯರು ಶಿಕ್ಷಣ ಪಡೆದು ಸ್ವಾವಲಂಬಿಗಳಾಗಬೇಕು. ಕುಟುಂಬ ಮತ್ತು ಸಮಾಜದಲ್ಲಿ ಸಮಾನತೆ ಸಾಧಿಸಲು ಎಲ್ಲರೂ ಶ್ರಮಿಸಬೇಕು ಎಂದು ಹೇಳಿದರು.

ಹಾಗೂ ಸಂವಿಧಾನದ ಆಶಯಗಳನ್ನು ಜನರಲ್ಲಿ ಅರಿವು ಮೂಡಿಸುವ ಕೆಲಸ ಮಾಡಬೇಕಿದೆ. ಮಹಿಳೆಯರ ಮೇಲಿನ ದೌರ್ಜನ್ಯ ತಡೆಗೆ ಕಾನೂನುಗಳಿದ್ದರೂ ಅವುಗಳ ಅನುಷ್ಠಾನ ಸಮರ್ಪಕವಾಗಿಲ್ಲ.

ತುಮಕೂರು: ಸಮಾಜದಲ್ಲಿ ಬೇರೂರಿರುವ ಗಂಡಾಳ್ವಿಕೆಯ ಮನಸ್ಥಿತಿಯನ್ನು ತೊರೆದು ಮಹಿಳೆಯರಿಗೆ ಸಮಾನ ಅವಕಾಶ ಕಲ್ಪಿಸಬೇಕು ಎಂದು ಕೆ.ದೊರೈರಾಜು ಹೇಳಿದರು. ಮಹಿಳಾ ದೌರ್ಜನ್ಯ ವಿರೋಧಿ ದಿನದ ಅಂಗವಾಗಿ ಹಮ್ಮಿಕೊಂಡಿದ್ದ ವಿಚಾರ ಸಂಕಿರಣದಲ್ಲಿ ಮಾತನಾಡಿದರು.
